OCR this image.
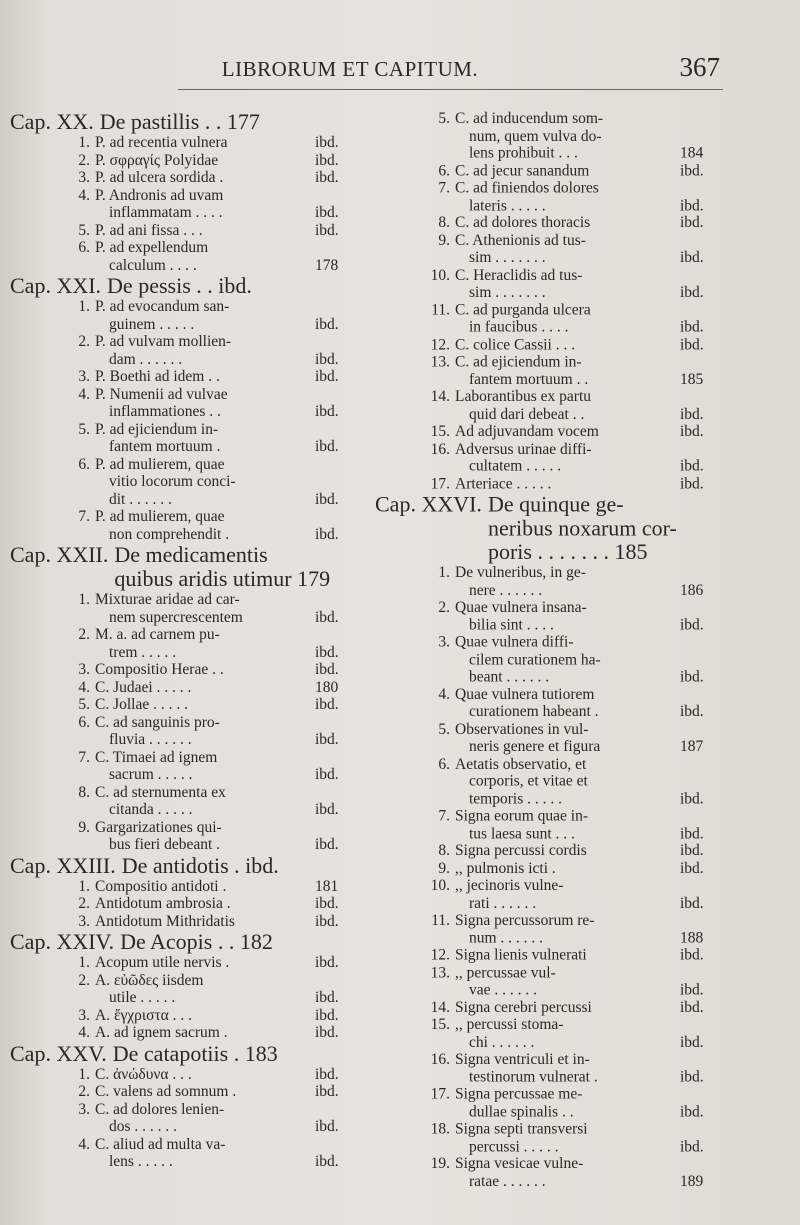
LIBRORUM ET CAPITUM.	367
Cap. XX. De pastillis . . 177
1. P. ad recentia vulnera	ibd.
2. P. σφραγίς Polyidae	ibd.
3. P. ad ulcera sordida .	ibd.
4. P. Andronis ad uvam
inflammatam . . . .	ibd.
5. P. ad ani fissa . . .	ibd.
6. P. ad expellendum
calculum . . . .	178
Cap. XXI. De pessis . . ibd.
1. P. ad evocandum san-
guinem . . . . .	ibd.
2. P. ad vulvam mollien-
dam . . . . . .	ibd.
3. P. Boethi ad idem . .	ibd.
4. P. Numenii ad vulvae
inflammationes . .	ibd.
5. P. ad ejiciendum in-
fantem mortuum .	ibd.
6. P. ad mulierem, quae
vitio locorum conci-
dit . . . . . .	ibd.
7. P. ad mulierem, quae
non comprehendit .	ibd.
Cap. XXII. De medicamentis
quibus aridis utimur 179
1. Mixturae aridae ad car-
nem supercrescentem	ibd.
2. M. a. ad carnem pu-
trem . . . . .	ibd.
3. Compositio Herae . .	ibd.
4. C. Judaei . . . . .	180
5. C. Jollae . . . . .	ibd.
6. C. ad sanguinis pro-
fluvia . . . . . .	ibd.
7. C. Timaei ad ignem
sacrum . . . . .	ibd.
8. C. ad sternumenta ex
citanda . . . . .	ibd.
9. Gargarizationes qui-
bus fieri debeant .	ibd.
Cap. XXIII. De antidotis . ibd.
1. Compositio antidoti .	181
2. Antidotum ambrosia .	ibd.
3. Antidotum Mithridatis	ibd.
Cap. XXIV. De Acopis . . 182
1. Acopum utile nervis .	ibd.
2. A. εὐῶδες iisdem
utile . . . . .	ibd.
3. A. ἔγχριστα . . .	ibd.
4. A. ad ignem sacrum .	ibd.
Cap. XXV. De catapotiis . 183
1. C. ἀνώδυνα . . .	ibd.
2. C. valens ad somnum .	ibd.
3. C. ad dolores lenien-
dos . . . . . .	ibd.
4. C. aliud ad multa va-
lens . . . . .	ibd.
5. C. ad inducendum som-
num, quem vulva do-
lens prohibuit . . .	184
6. C. ad jecur sanandum	ibd.
7. C. ad finiendos dolores
lateris . . . . .	ibd.
8. C. ad dolores thoracis	ibd.
9. C. Athenionis ad tus-
sim . . . . . . .	ibd.
10. C. Heraclidis ad tus-
sim . . . . . . .	ibd.
11. C. ad purganda ulcera
in faucibus . . . .	ibd.
12. C. colice Cassii . . .	ibd.
13. C. ad ejiciendum in-
fantem mortuum . .	185
14. Laborantibus ex partu
quid dari debeat . .	ibd.
15. Ad adjuvandam vocem	ibd.
16. Adversus urinae diffi-
cultatem . . . . .	ibd.
17. Arteriace . . . . .	ibd.
Cap. XXVI. De quinque ge-
neribus noxarum cor-
poris . . . . . . . 185
1. De vulneribus, in ge-
nere . . . . . .	186
2. Quae vulnera insana-
bilia sint . . . .	ibd.
3. Quae vulnera diffi-
cilem curationem ha-
beant . . . . . .	ibd.
4. Quae vulnera tutiorem
curationem habeant .	ibd.
5. Observationes in vul-
neris genere et figura	187
6. Aetatis observatio, et
corporis, et vitae et
temporis . . . . .	ibd.
7. Signa eorum quae in-
tus laesa sunt . . .	ibd.
8. Signa percussi cordis	ibd.
9. ,, pulmonis icti .	ibd.
10. ,, jecinoris vulne-
rati . . . . . .	ibd.
11. Signa percussorum re-
num . . . . . .	188
12. Signa lienis vulnerati	ibd.
13. ,, percussae vul-
vae . . . . . .	ibd.
14. Signa cerebri percussi	ibd.
15. ,, percussi stoma-
chi . . . . . .	ibd.
16. Signa ventriculi et in-
testinorum vulnerat .	ibd.
17. Signa percussae me-
dullae spinalis . .	ibd.
18. Signa septi transversi
percussi . . . . .	ibd.
19. Signa vesicae vulne-
ratae . . . . . .	189
